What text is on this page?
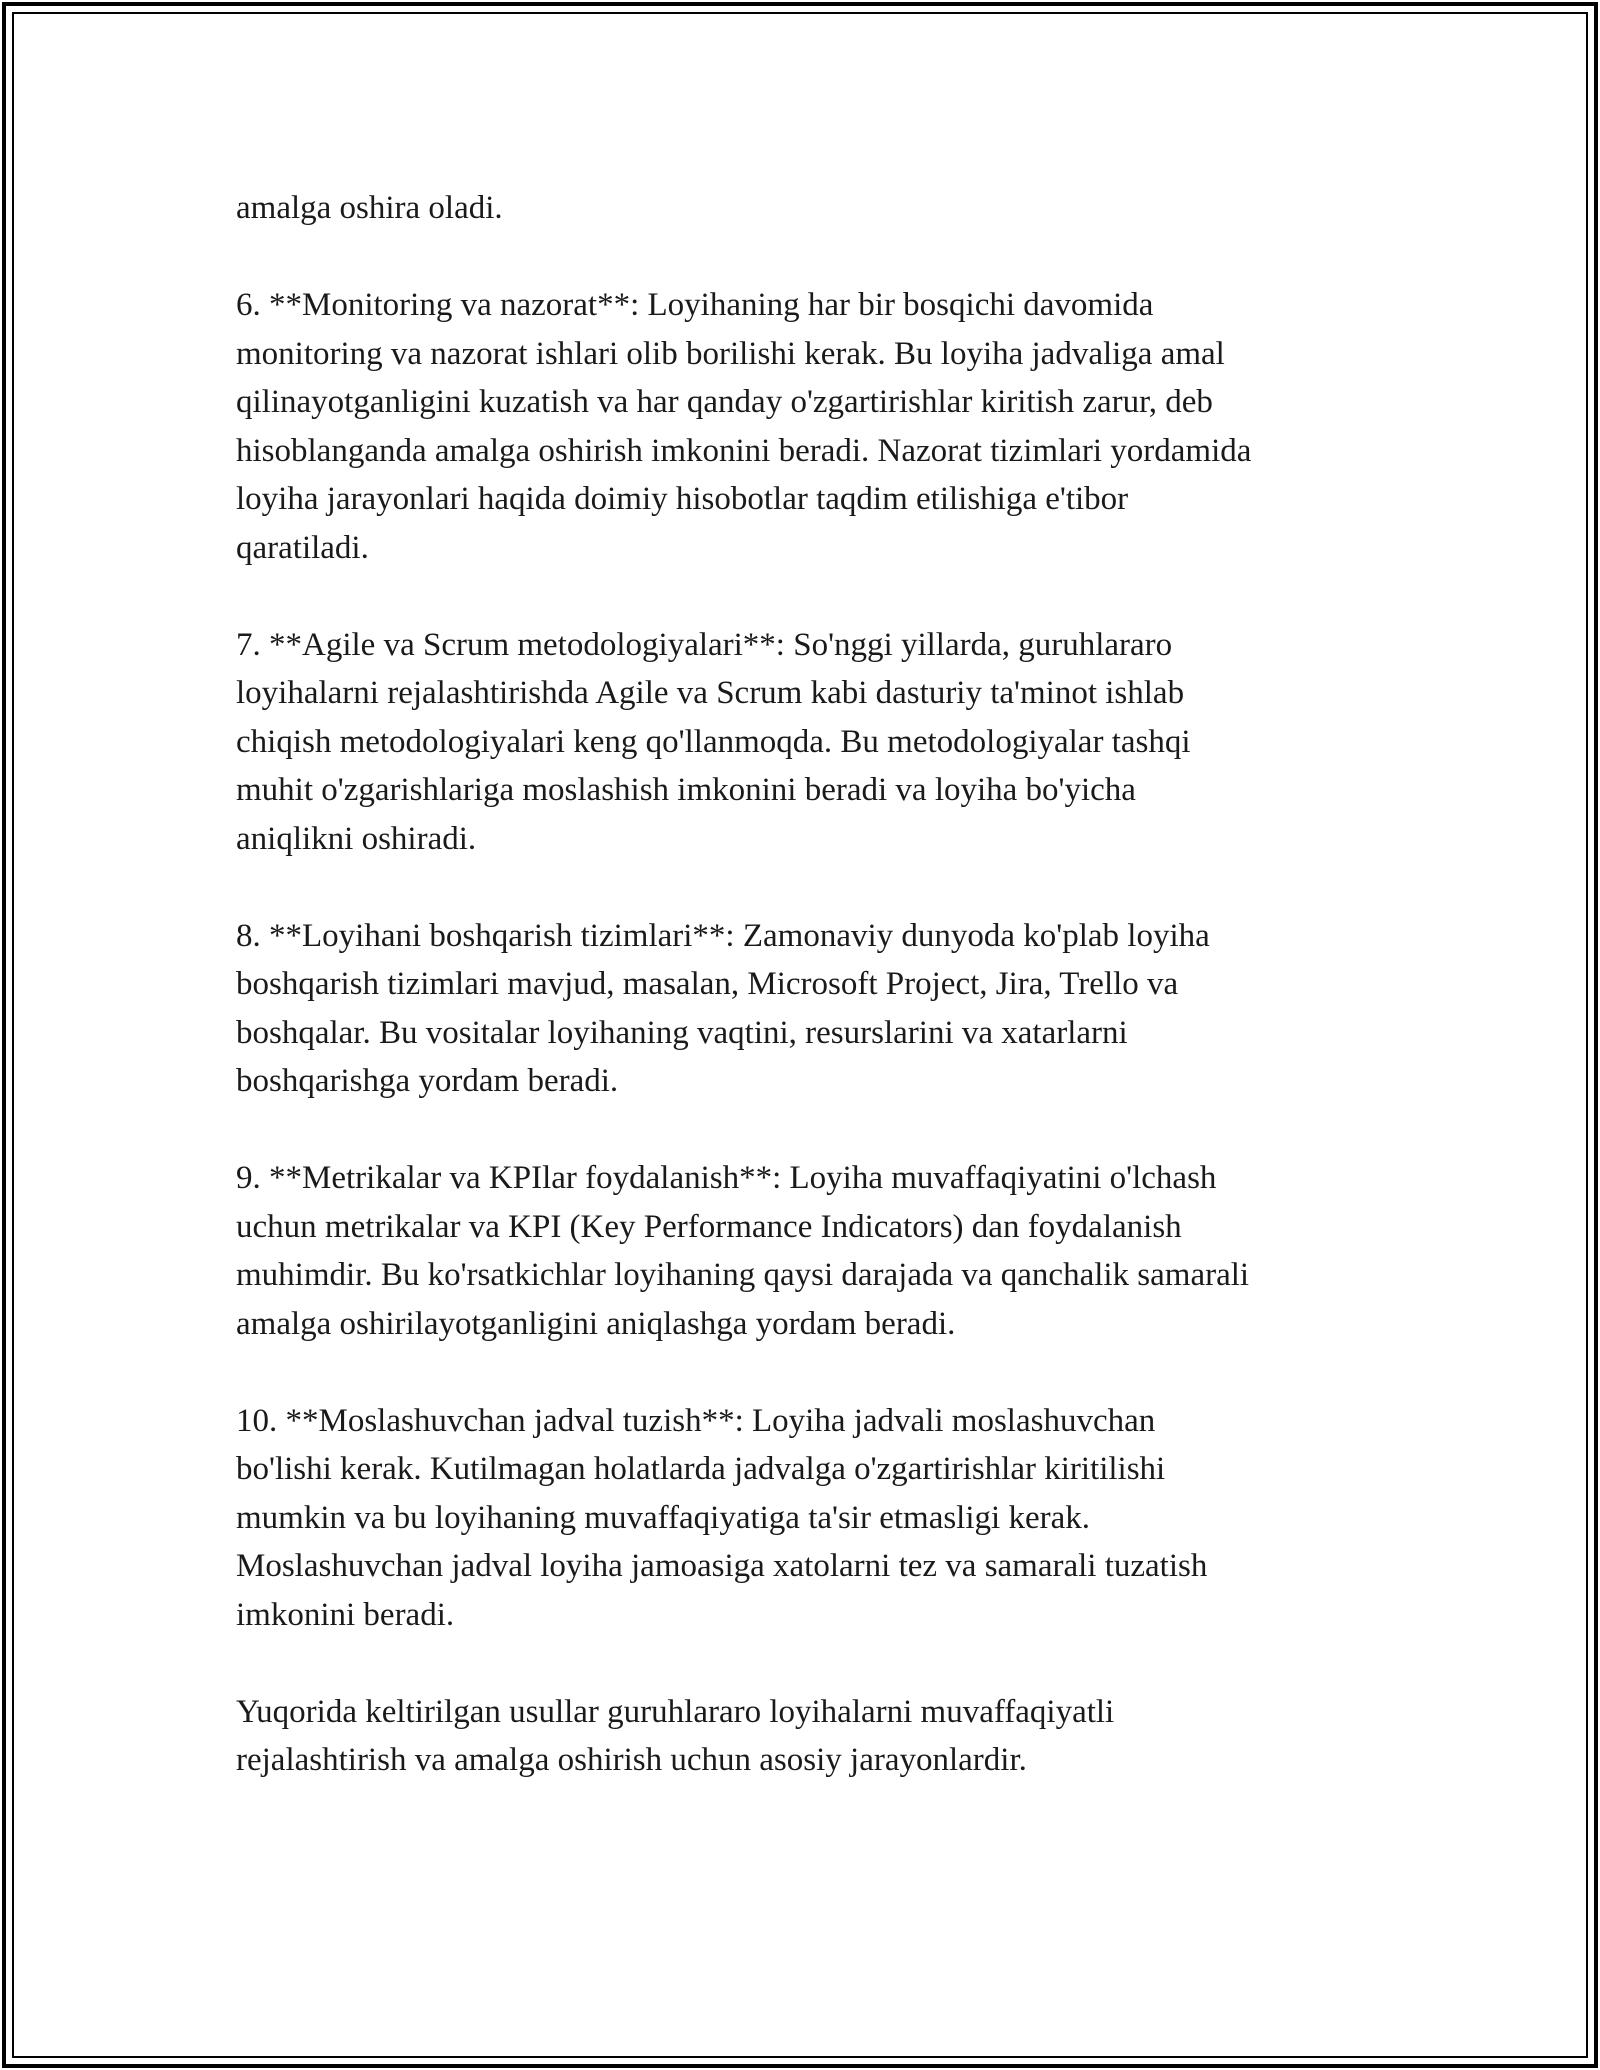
amalga oshira oladi.

6. **Monitoring va nazorat**: Loyihaning har bir bosqichi davomida
monitoring va nazorat ishlari olib borilishi kerak. Bu loyiha jadvaliga amal
qilinayotganligini kuzatish va har qanday o'zgartirishlar kiritish zarur, deb
hisoblanganda amalga oshirish imkonini beradi. Nazorat tizimlari yordamida
loyiha jarayonlari haqida doimiy hisobotlar taqdim etilishiga e'tibor
qaratiladi.

7. **Agile va Scrum metodologiyalari**: So'nggi yillarda, guruhlararo
loyihalarni rejalashtirishda Agile va Scrum kabi dasturiy ta'minot ishlab
chiqish metodologiyalari keng qo'llanmoqda. Bu metodologiyalar tashqi
muhit o'zgarishlariga moslashish imkonini beradi va loyiha bo'yicha
aniqlikni oshiradi.

8. **Loyihani boshqarish tizimlari**: Zamonaviy dunyoda ko'plab loyiha
boshqarish tizimlari mavjud, masalan, Microsoft Project, Jira, Trello va
boshqalar. Bu vositalar loyihaning vaqtini, resurslarini va xatarlarni
boshqarishga yordam beradi.

9. **Metrikalar va KPIlar foydalanish**: Loyiha muvaffaqiyatini o'lchash
uchun metrikalar va KPI (Key Performance Indicators) dan foydalanish
muhimdir. Bu ko'rsatkichlar loyihaning qaysi darajada va qanchalik samarali
amalga oshirilayotganligini aniqlashga yordam beradi.

10. **Moslashuvchan jadval tuzish**: Loyiha jadvali moslashuvchan
bo'lishi kerak. Kutilmagan holatlarda jadvalga o'zgartirishlar kiritilishi
mumkin va bu loyihaning muvaffaqiyatiga ta'sir etmasligi kerak.
Moslashuvchan jadval loyiha jamoasiga xatolarni tez va samarali tuzatish
imkonini beradi.

Yuqorida keltirilgan usullar guruhlararo loyihalarni muvaffaqiyatli
rejalashtirish va amalga oshirish uchun asosiy jarayonlardir.
